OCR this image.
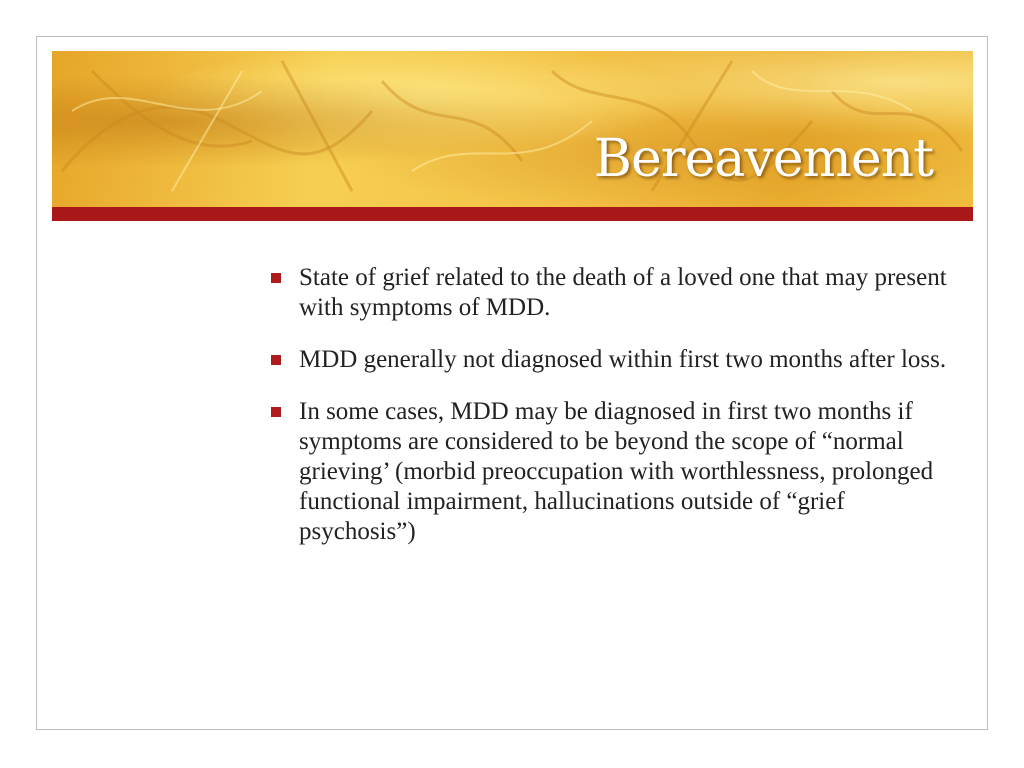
Bereavement
State of grief related to the death of a loved one that may present with symptoms of MDD.
MDD generally not diagnosed within first two months after loss.
In some cases, MDD may be diagnosed in first two months if symptoms are considered to be beyond the scope of “normal grieving’ (morbid preoccupation with worthlessness, prolonged functional impairment, hallucinations outside of “grief psychosis”)
